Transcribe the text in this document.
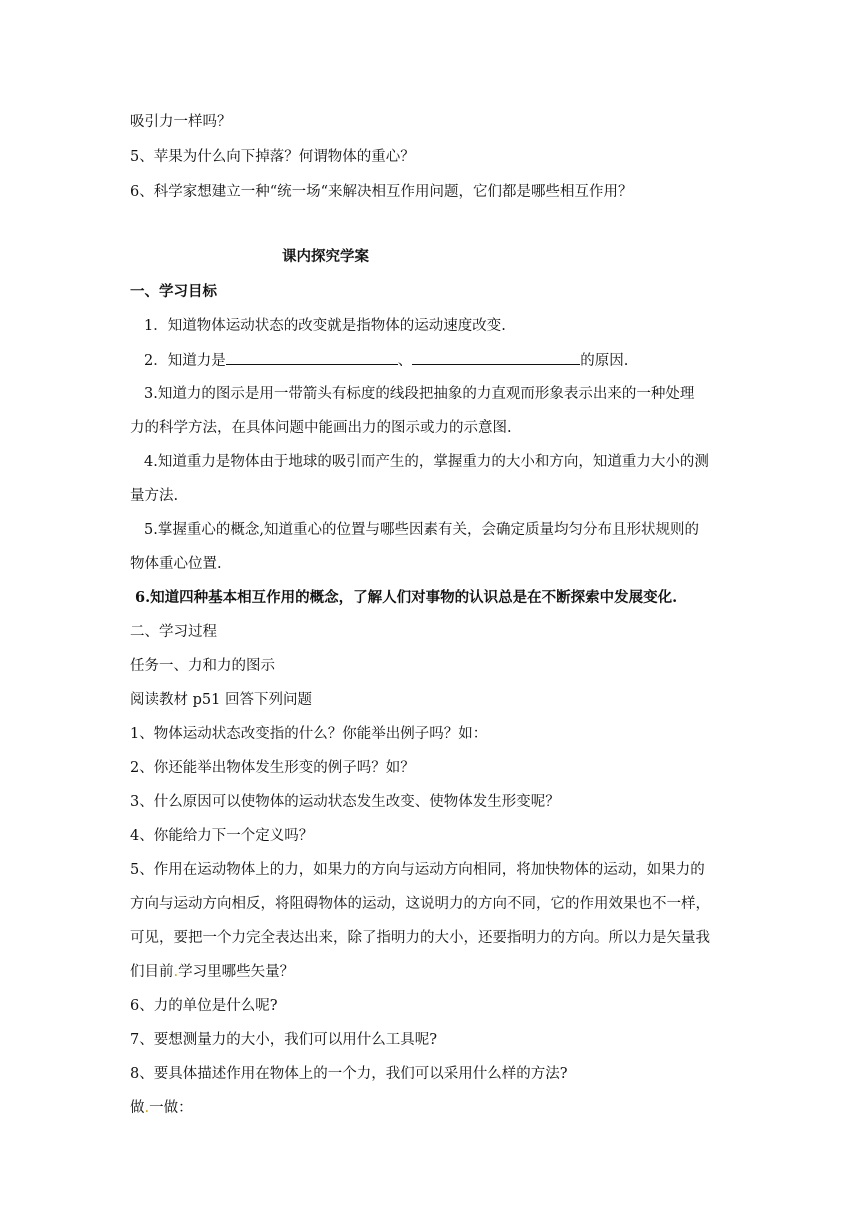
吸引力一样吗？
5、苹果为什么向下掉落？何谓物体的重心？
6、科学家想建立一种“统一场“来解决相互作用问题，它们都是哪些相互作用？
课内探究学案
一、学习目标
1．知道物体运动状态的改变就是指物体的运动速度改变.
2．知道力是	、	的原因.
3.知道力的图示是用一带箭头有标度的线段把抽象的力直观而形象表示出来的一种处理
力的科学方法，在具体问题中能画出力的图示或力的示意图.
4.知道重力是物体由于地球的吸引而产生的，掌握重力的大小和方向，知道重力大小的测
量方法.
5.掌握重心的概念,知道重心的位置与哪些因素有关，会确定质量均匀分布且形状规则的
物体重心位置.
6.知道四种基本相互作用的概念，了解人们对事物的认识总是在不断探索中发展变化.
二、学习过程
任务一、力和力的图示
阅读教材 p51 回答下列问题
1、物体运动状态改变指的什么？你能举出例子吗？如：
2、你还能举出物体发生形变的例子吗？如？
3、什么原因可以使物体的运动状态发生改变、使物体发生形变呢？
4、你能给力下一个定义吗？
5、作用在运动物体上的力，如果力的方向与运动方向相同，将加快物体的运动，如果力的
方向与运动方向相反，将阻碍物体的运动，这说明力的方向不同，它的作用效果也不一样，
可见，要把一个力完全表达出来，除了指明力的大小，还要指明力的方向。所以力是矢量我
们目前.学习里哪些矢量？
6、力的单位是什么呢?
7、要想测量力的大小，我们可以用什么工具呢?
8、要具体描述作用在物体上的一个力，我们可以采用什么样的方法?
做.一做：
